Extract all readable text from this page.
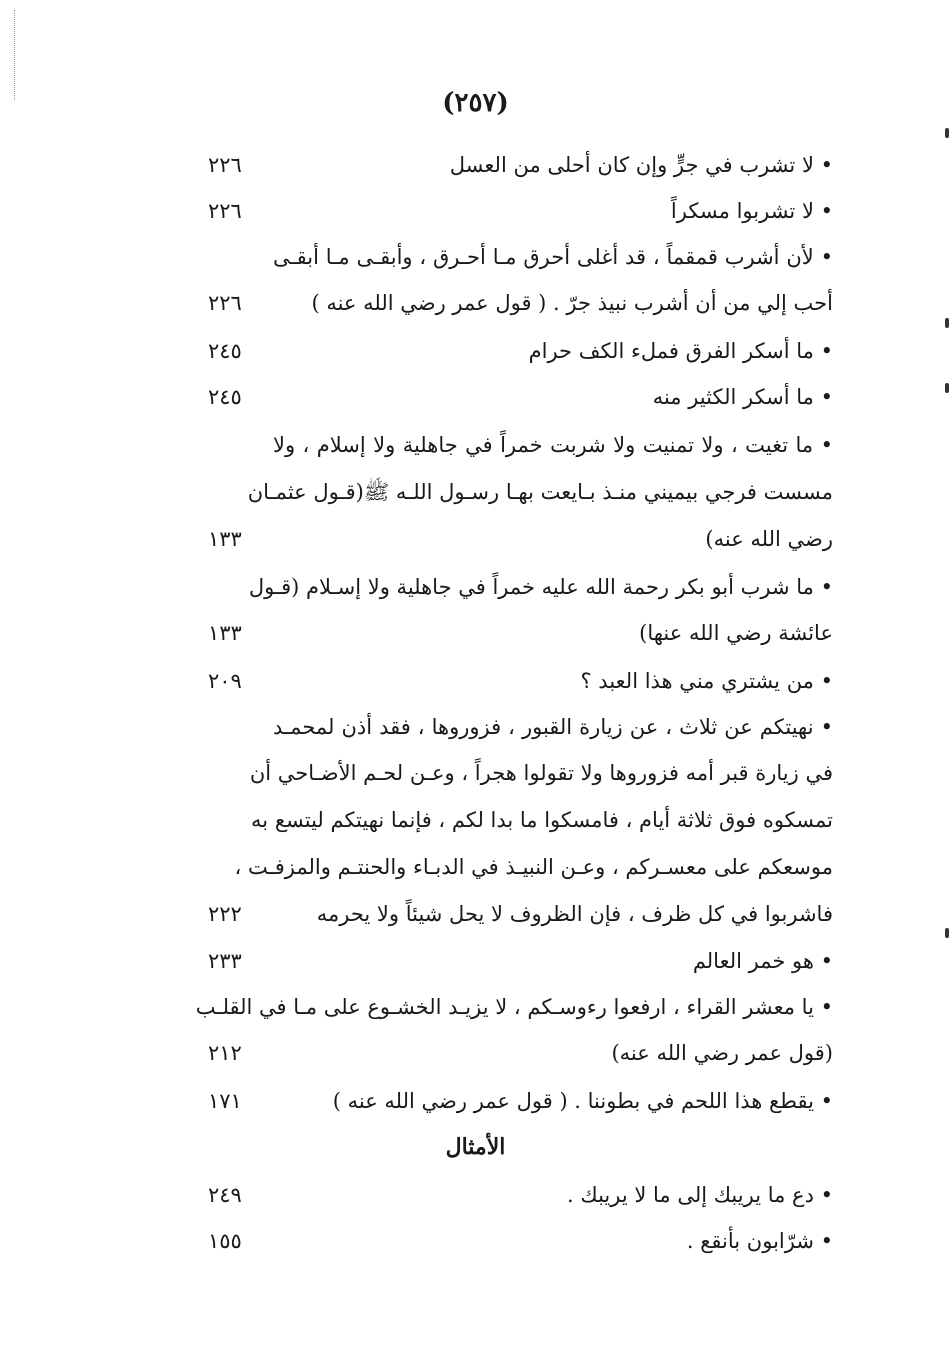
(٢٥٧)
• لا تشرب في جرٍّ وإن كان أحلى من العسل
٢٢٦
• لا تشربوا مسكراً
٢٢٦
• لأن أشرب قمقماً ، قد أغلى أحرق مـا أحـرق ، وأبقـى مـا أبقـى
أحب إلي من أن أشرب نبيذ جرّ . ( قول عمر رضي الله عنه )
٢٢٦
• ما أسكر الفرق فملء الكف حرام
٢٤٥
• ما أسكر الكثير منه
٢٤٥
• ما تغيت ، ولا تمنيت ولا شربت خمراً في جاهلية ولا إسلام ، ولا
مسست فرجي بيميني منـذ بـايعت بهـا رسـول اللـه ﷺ(قـول عثمـان
رضي الله عنه)
١٣٣
• ما شرب أبو بكر رحمة الله عليه خمراً في جاهلية ولا إسـلام (قـول
عائشة رضي الله عنها)
١٣٣
• من يشتري مني هذا العبد ؟
٢٠٩
• نهيتكم عن ثلاث ، عن زيارة القبور ، فزوروها ، فقد أذن لمحمـد
في زيارة قبر أمه فزوروها ولا تقولوا هجراً ، وعـن لحـم الأضـاحي أن
تمسكوه فوق ثلاثة أيام ، فامسكوا ما بدا لكم ، فإنما نهيتكم ليتسع به
موسعكم على معسـركم ، وعـن النبيـذ في الدبـاء والحنتـم والمزفـت ،
فاشربوا في كل ظرف ، فإن الظروف لا يحل شيئاً ولا يحرمه
٢٢٢
• هو خمر العالم
٢٣٣
• يا معشر القراء ، ارفعوا رءوسـكم ، لا يزيـد الخشـوع على مـا في القلـب
(قول عمر رضي الله عنه)
٢١٢
• يقطع هذا اللحم في بطوننا . ( قول عمر رضي الله عنه )
١٧١
الأمثال
• دع ما يريبك إلى ما لا يريبك .
٢٤٩
• شرّابون بأنقع .
١٥٥
